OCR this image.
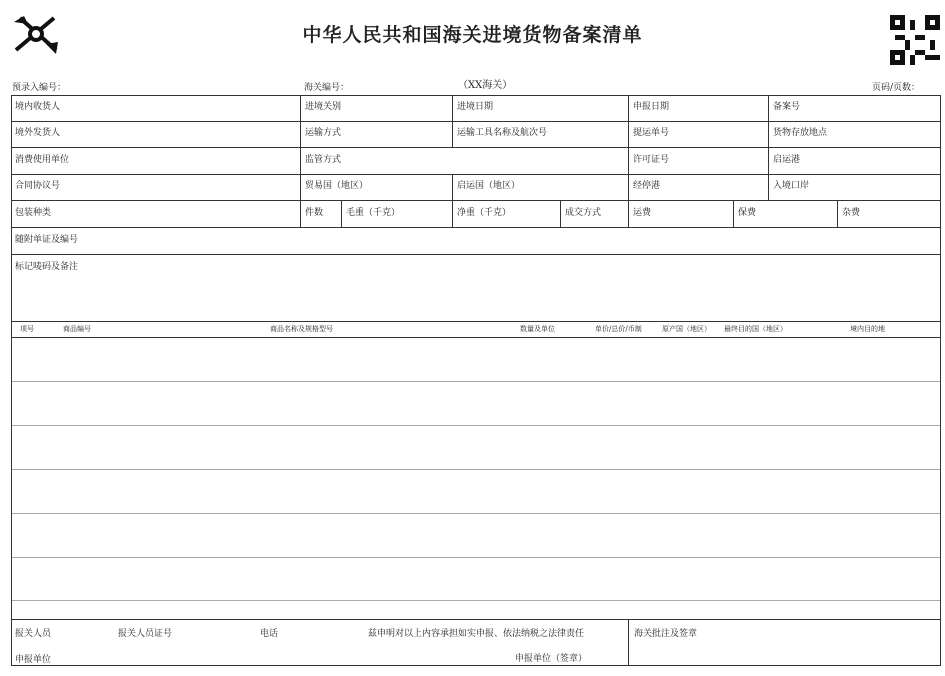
中华人民共和国海关进境货物备案清单
预录入编号：	海关编号：	（XX海关）	页码/页数：
境内收货人	进境关别	进境日期	申报日期	备案号
境外发货人	运输方式	运输工具名称及航次号	提运单号	货物存放地点
消费使用单位	监管方式	许可证号	启运港
合同协议号	贸易国（地区）	启运国（地区）	经停港	入境口岸
包装种类	件数	毛重（千克）	净重（千克）	成交方式	运费	保费	杂费
随附单证及编号
标记唛码及备注
项号	商品编号	商品名称及规格型号	数量及单位	单价/总价/币制	原产国（地区） 最终目的国（地区）	境内目的地
报关人员	报关人员证号	电话	兹申明对以上内容承担如实申报、依法纳税之法律责任	海关批注及签章
申报单位	申报单位（签章）
